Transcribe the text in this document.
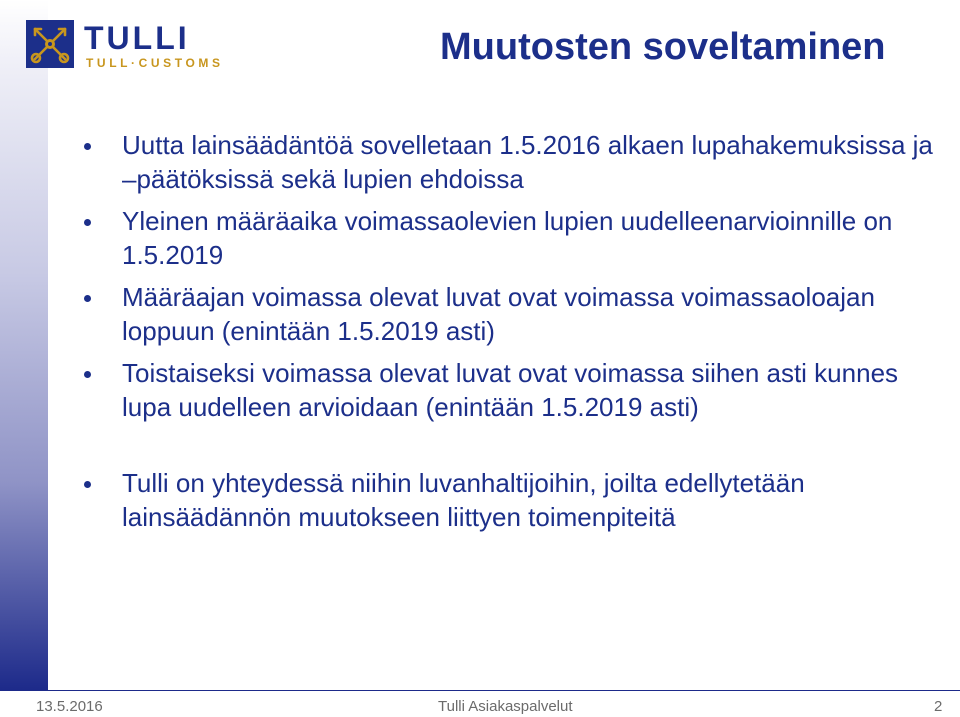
TULLI
TULL·CUSTOMS	Muutosten soveltaminen
Uutta lainsäädäntöä sovelletaan 1.5.2016 alkaen lupahakemuksissa ja –päätöksissä sekä lupien ehdoissa
Yleinen määräaika voimassaolevien lupien uudelleenarvioinnille on 1.5.2019
Määräajan voimassa olevat luvat ovat voimassa voimassaoloajan loppuun (enintään 1.5.2019 asti)
Toistaiseksi voimassa olevat luvat ovat voimassa siihen asti kunnes lupa uudelleen arvioidaan (enintään 1.5.2019 asti)
Tulli on yhteydessä niihin luvanhaltijoihin, joilta edellytetään lainsäädännön muutokseen liittyen toimenpiteitä
13.5.2016	Tulli Asiakaspalvelut	2
